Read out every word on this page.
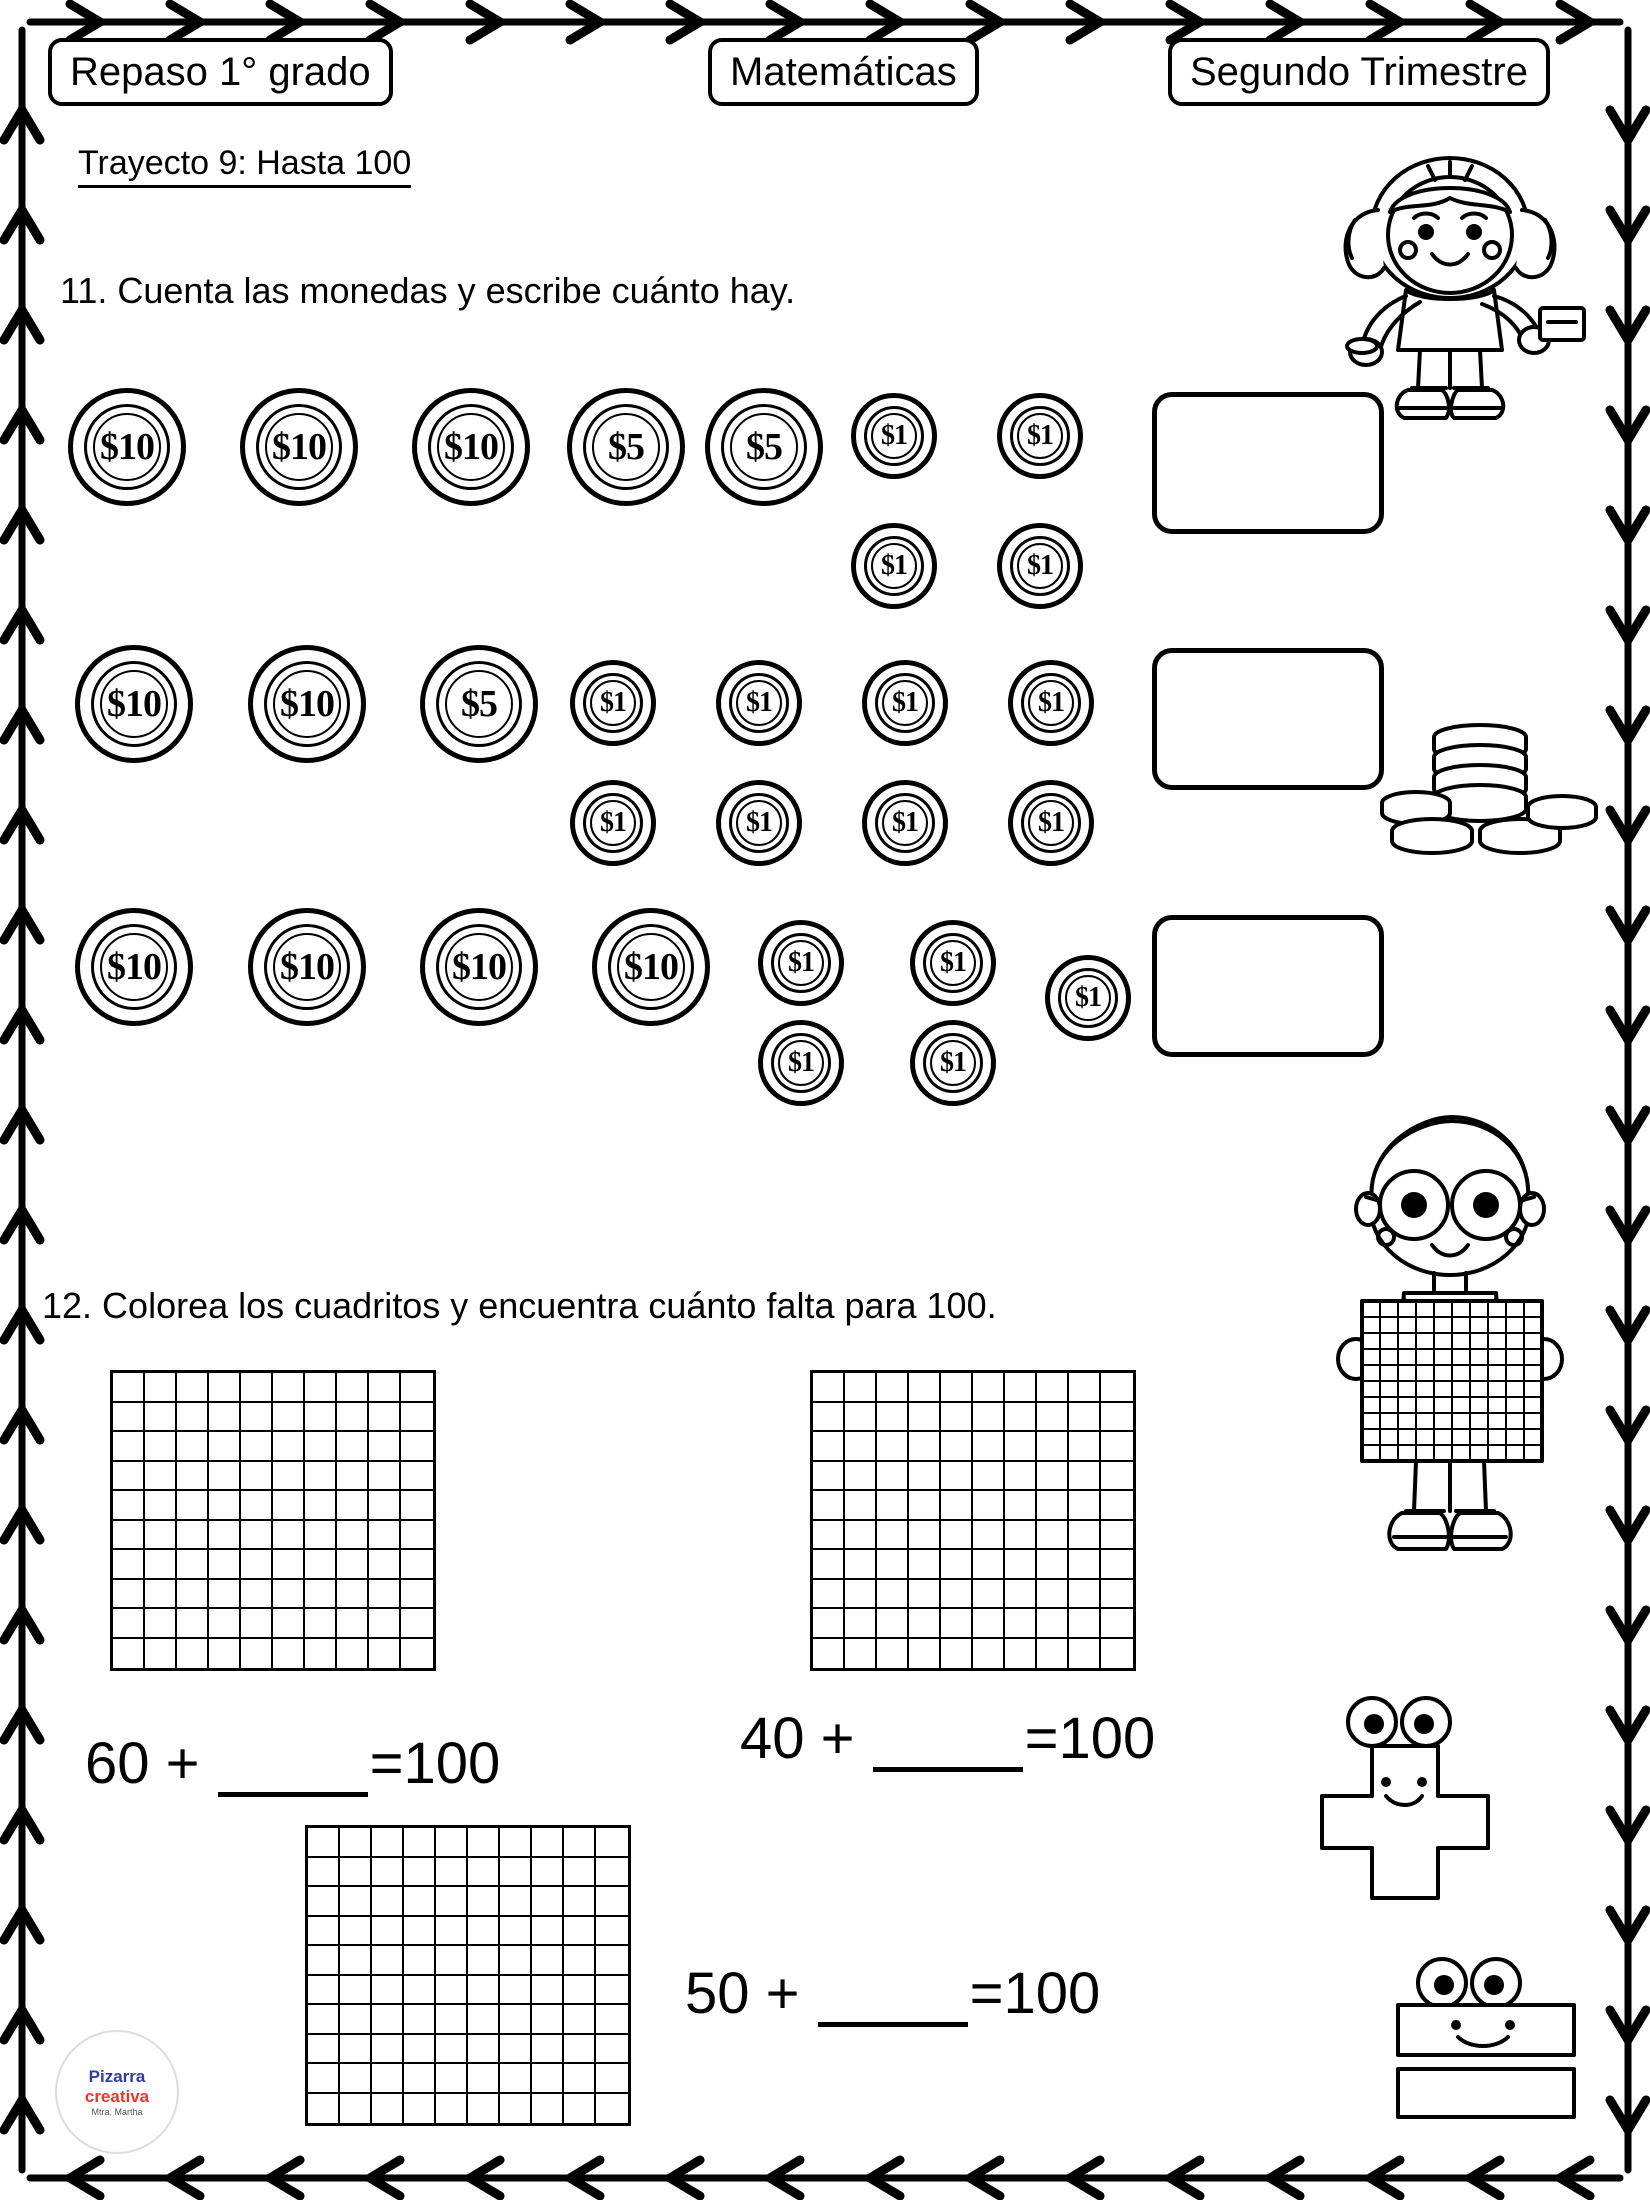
Repaso 1° grado	Matemáticas	Segundo Trimestre
Trayecto 9: Hasta 100
11. Cuenta las monedas y escribe cuánto hay.
$10	$10	$10	$5	$5	$1	$1
$1	$1
$10	$10	$5	$1	$1	$1	$1
$1	$1	$1	$1
$10	$10	$10	$10	$1	$1
$1
$1	$1
12. Colorea los cuadritos y encuentra cuánto falta para 100.
60 +	=100	40 +	=100
50 +	=100
Pizarra
creativa
Mtra. Martha
